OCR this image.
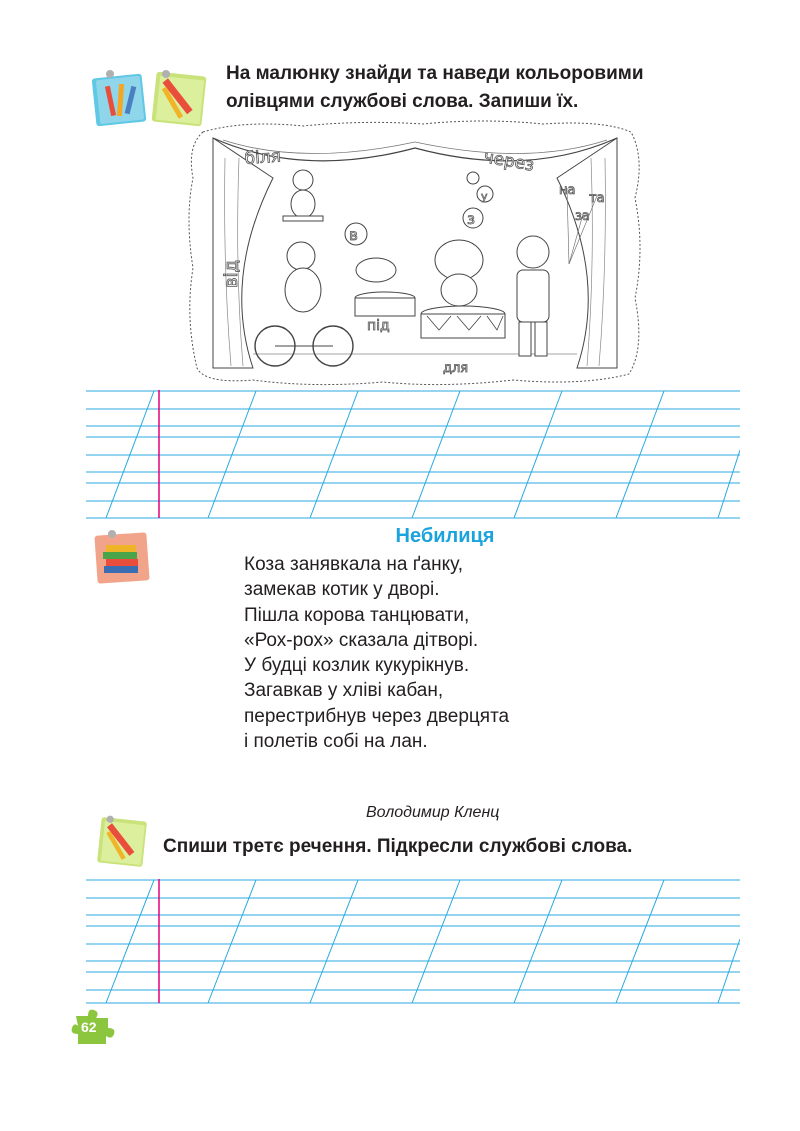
На малюнку знайди та наведи кольоровими
олівцями службові слова. Запиши їх.
біля	через
у	на
за
та
від
в
з
під
для
Небилиця
Коза занявкала на ґанку,
замекав котик у дворі.
Пішла корова танцювати,
«Рох-рох» сказала дітворі.
У будці козлик кукурікнув.
Загавкав у хліві кабан,
перестрибнув через дверцята
і полетів собі на лан.
Володимир Кленц
Спиши третє речення. Підкресли службові слова.
62
